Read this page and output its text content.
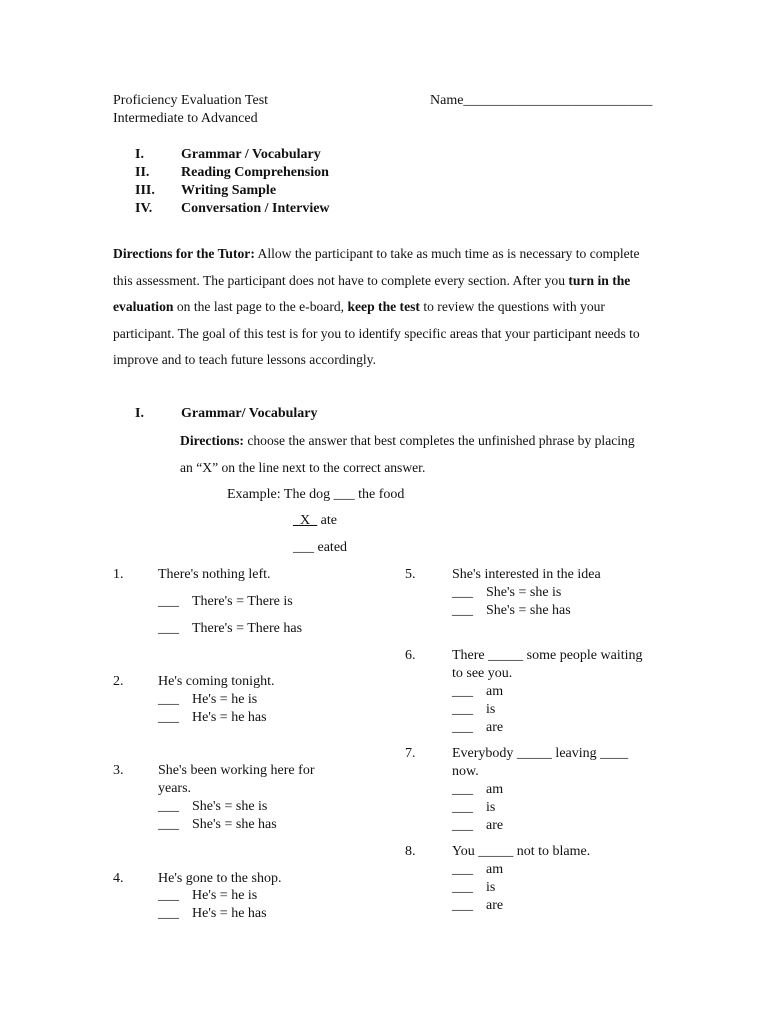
Proficiency Evaluation Test
Intermediate to Advanced
Name___________________________
I.	Grammar / Vocabulary
II. Reading Comprehension
III. Writing Sample
IV. Conversation / Interview
Directions for the Tutor: Allow the participant to take as much time as is necessary to complete this assessment. The participant does not have to complete every section. After you turn in the evaluation on the last page to the e-board, keep the test to review the questions with your participant. The goal of this test is for you to identify specific areas that your participant needs to improve and to teach future lessons accordingly.
I.	Grammar/ Vocabulary
Directions: choose the answer that best completes the unfinished phrase by placing an “X” on the line next to the correct answer.
Example: The dog ___ the food
_X_ ate
___ eated
1. There's nothing left.
___ There's = There is
___ There's = There has
2. He's coming tonight.
___ He's = he is
___ He's = he has
3. She's been working here for
years.
___ She's = she is
___ She's = she has
4. He's gone to the shop.
___ He's = he is
___ He's = he has
5.	She's interested in the idea
___ She's = she is
___ She's = she has
6.	There _____ some people waiting
to see you.
___ am
___ is
___ are
7.	Everybody _____ leaving ____
now.
___ am
___ is
___ are
8.	You _____ not to blame.
___ am
___ is
___ are
